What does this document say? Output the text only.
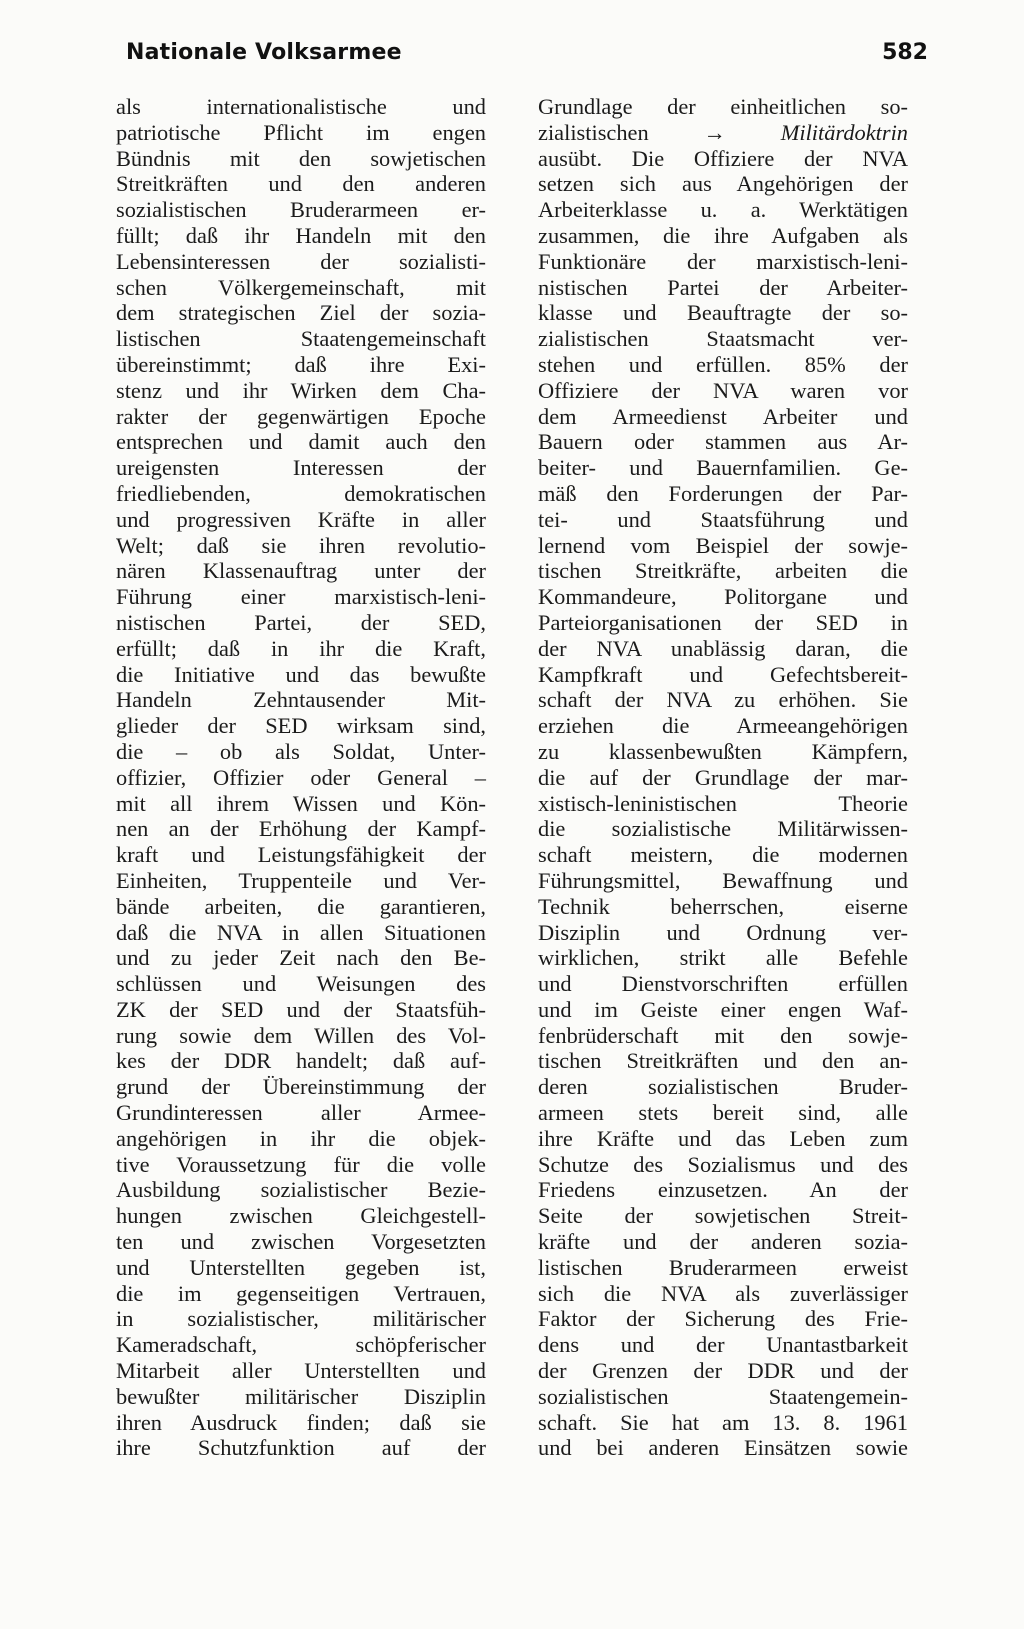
Nationale Volksarmee	582
als internationalistische und
patriotische Pflicht im engen
Bündnis mit den sowjetischen
Streitkräften und den anderen
sozialistischen Bruderarmeen er-
füllt; daß ihr Handeln mit den
Lebensinteressen der sozialisti-
schen Völkergemeinschaft, mit
dem strategischen Ziel der sozia-
listischen Staatengemeinschaft
übereinstimmt; daß ihre Exi-
stenz und ihr Wirken dem Cha-
rakter der gegenwärtigen Epoche
entsprechen und damit auch den
ureigensten Interessen der
friedliebenden, demokratischen
und progressiven Kräfte in aller
Welt; daß sie ihren revolutio-
nären Klassenauftrag unter der
Führung einer marxistisch-leni-
nistischen Partei, der SED,
erfüllt; daß in ihr die Kraft,
die Initiative und das bewußte
Handeln Zehntausender Mit-
glieder der SED wirksam sind,
die – ob als Soldat, Unter-
offizier, Offizier oder General –
mit all ihrem Wissen und Kön-
nen an der Erhöhung der Kampf-
kraft und Leistungsfähigkeit der
Einheiten, Truppenteile und Ver-
bände arbeiten, die garantieren,
daß die NVA in allen Situationen
und zu jeder Zeit nach den Be-
schlüssen und Weisungen des
ZK der SED und der Staatsfüh-
rung sowie dem Willen des Vol-
kes der DDR handelt; daß auf-
grund der Übereinstimmung der
Grundinteressen aller Armee-
angehörigen in ihr die objek-
tive Voraussetzung für die volle
Ausbildung sozialistischer Bezie-
hungen zwischen Gleichgestell-
ten und zwischen Vorgesetzten
und Unterstellten gegeben ist,
die im gegenseitigen Vertrauen,
in sozialistischer, militärischer
Kameradschaft, schöpferischer
Mitarbeit aller Unterstellten und
bewußter militärischer Disziplin
ihren Ausdruck finden; daß sie
ihre Schutzfunktion auf der
Grundlage der einheitlichen so-
zialistischen → Militärdoktrin
ausübt. Die Offiziere der NVA
setzen sich aus Angehörigen der
Arbeiterklasse u. a. Werktätigen
zusammen, die ihre Aufgaben als
Funktionäre der marxistisch-leni-
nistischen Partei der Arbeiter-
klasse und Beauftragte der so-
zialistischen Staatsmacht ver-
stehen und erfüllen. 85% der
Offiziere der NVA waren vor
dem Armeedienst Arbeiter und
Bauern oder stammen aus Ar-
beiter- und Bauernfamilien. Ge-
mäß den Forderungen der Par-
tei- und Staatsführung und
lernend vom Beispiel der sowje-
tischen Streitkräfte, arbeiten die
Kommandeure, Politorgane und
Parteiorganisationen der SED in
der NVA unablässig daran, die
Kampfkraft und Gefechtsbereit-
schaft der NVA zu erhöhen. Sie
erziehen die Armeeangehörigen
zu klassenbewußten Kämpfern,
die auf der Grundlage der mar-
xistisch-leninistischen Theorie
die sozialistische Militärwissen-
schaft meistern, die modernen
Führungsmittel, Bewaffnung und
Technik beherrschen, eiserne
Disziplin und Ordnung ver-
wirklichen, strikt alle Befehle
und Dienstvorschriften erfüllen
und im Geiste einer engen Waf-
fenbrüderschaft mit den sowje-
tischen Streitkräften und den an-
deren sozialistischen Bruder-
armeen stets bereit sind, alle
ihre Kräfte und das Leben zum
Schutze des Sozialismus und des
Friedens einzusetzen. An der
Seite der sowjetischen Streit-
kräfte und der anderen sozia-
listischen Bruderarmeen erweist
sich die NVA als zuverlässiger
Faktor der Sicherung des Frie-
dens und der Unantastbarkeit
der Grenzen der DDR und der
sozialistischen Staatengemein-
schaft. Sie hat am 13. 8. 1961
und bei anderen Einsätzen sowie
